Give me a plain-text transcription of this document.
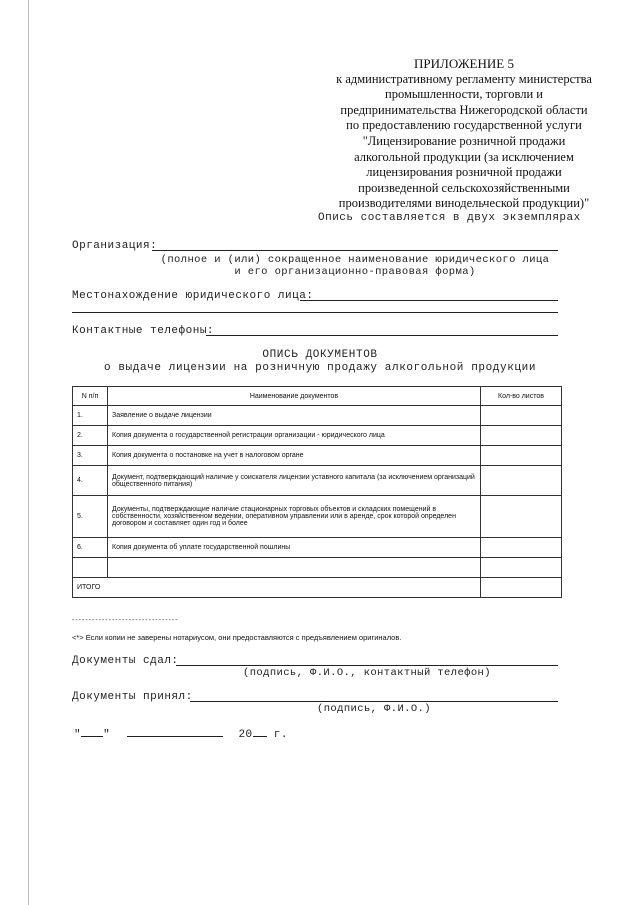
ПРИЛОЖЕНИЕ 5
к административному регламенту министерства
промышленности, торговли и
предпринимательства Нижегородской области
по предоставлению государственной услуги
"Лицензирование розничной продажи
алкогольной продукции (за исключением
лицензирования розничной продажи
произведенной сельскохозяйственными
производителями винодельческой продукции)"
Опись составляется в двух экземплярах
Организация:
(полное и (или) сокращенное наименование юридического лица
и его организационно-правовая форма)
Местонахождение юридического лица:
Контактные телефоны:
ОПИСЬ ДОКУМЕНТОВ
о выдаче лицензии на розничную продажу алкогольной продукции
N п/п	Наименование документов	Кол-во листов
1.	Заявление о выдаче лицензии	
2.	Копия документа о государственной регистрации организации - юридического лица	
3.	Копия документа о постановке на учет в налоговом органе	
4.	Документ, подтверждающий наличие у соискателя лицензии уставного капитала (за исключением организаций общественного питания)	
5.	Документы, подтверждающие наличие стационарных торговых объектов и складских помещений в собственности, хозяйственном ведении, оперативном управлении или в аренде, срок которой определен договором и составляет один год и более	
6.	Копия документа об уплате государственной пошлины	

ИТОГО		
--------------------------------
<*> Если копии не заверены нотариусом, они предоставляются с предъявлением оригиналов.
Документы сдал:
(подпись, Ф.И.О., контактный телефон)
Документы принял:
(подпись, Ф.И.О.)
" "	20 г.
